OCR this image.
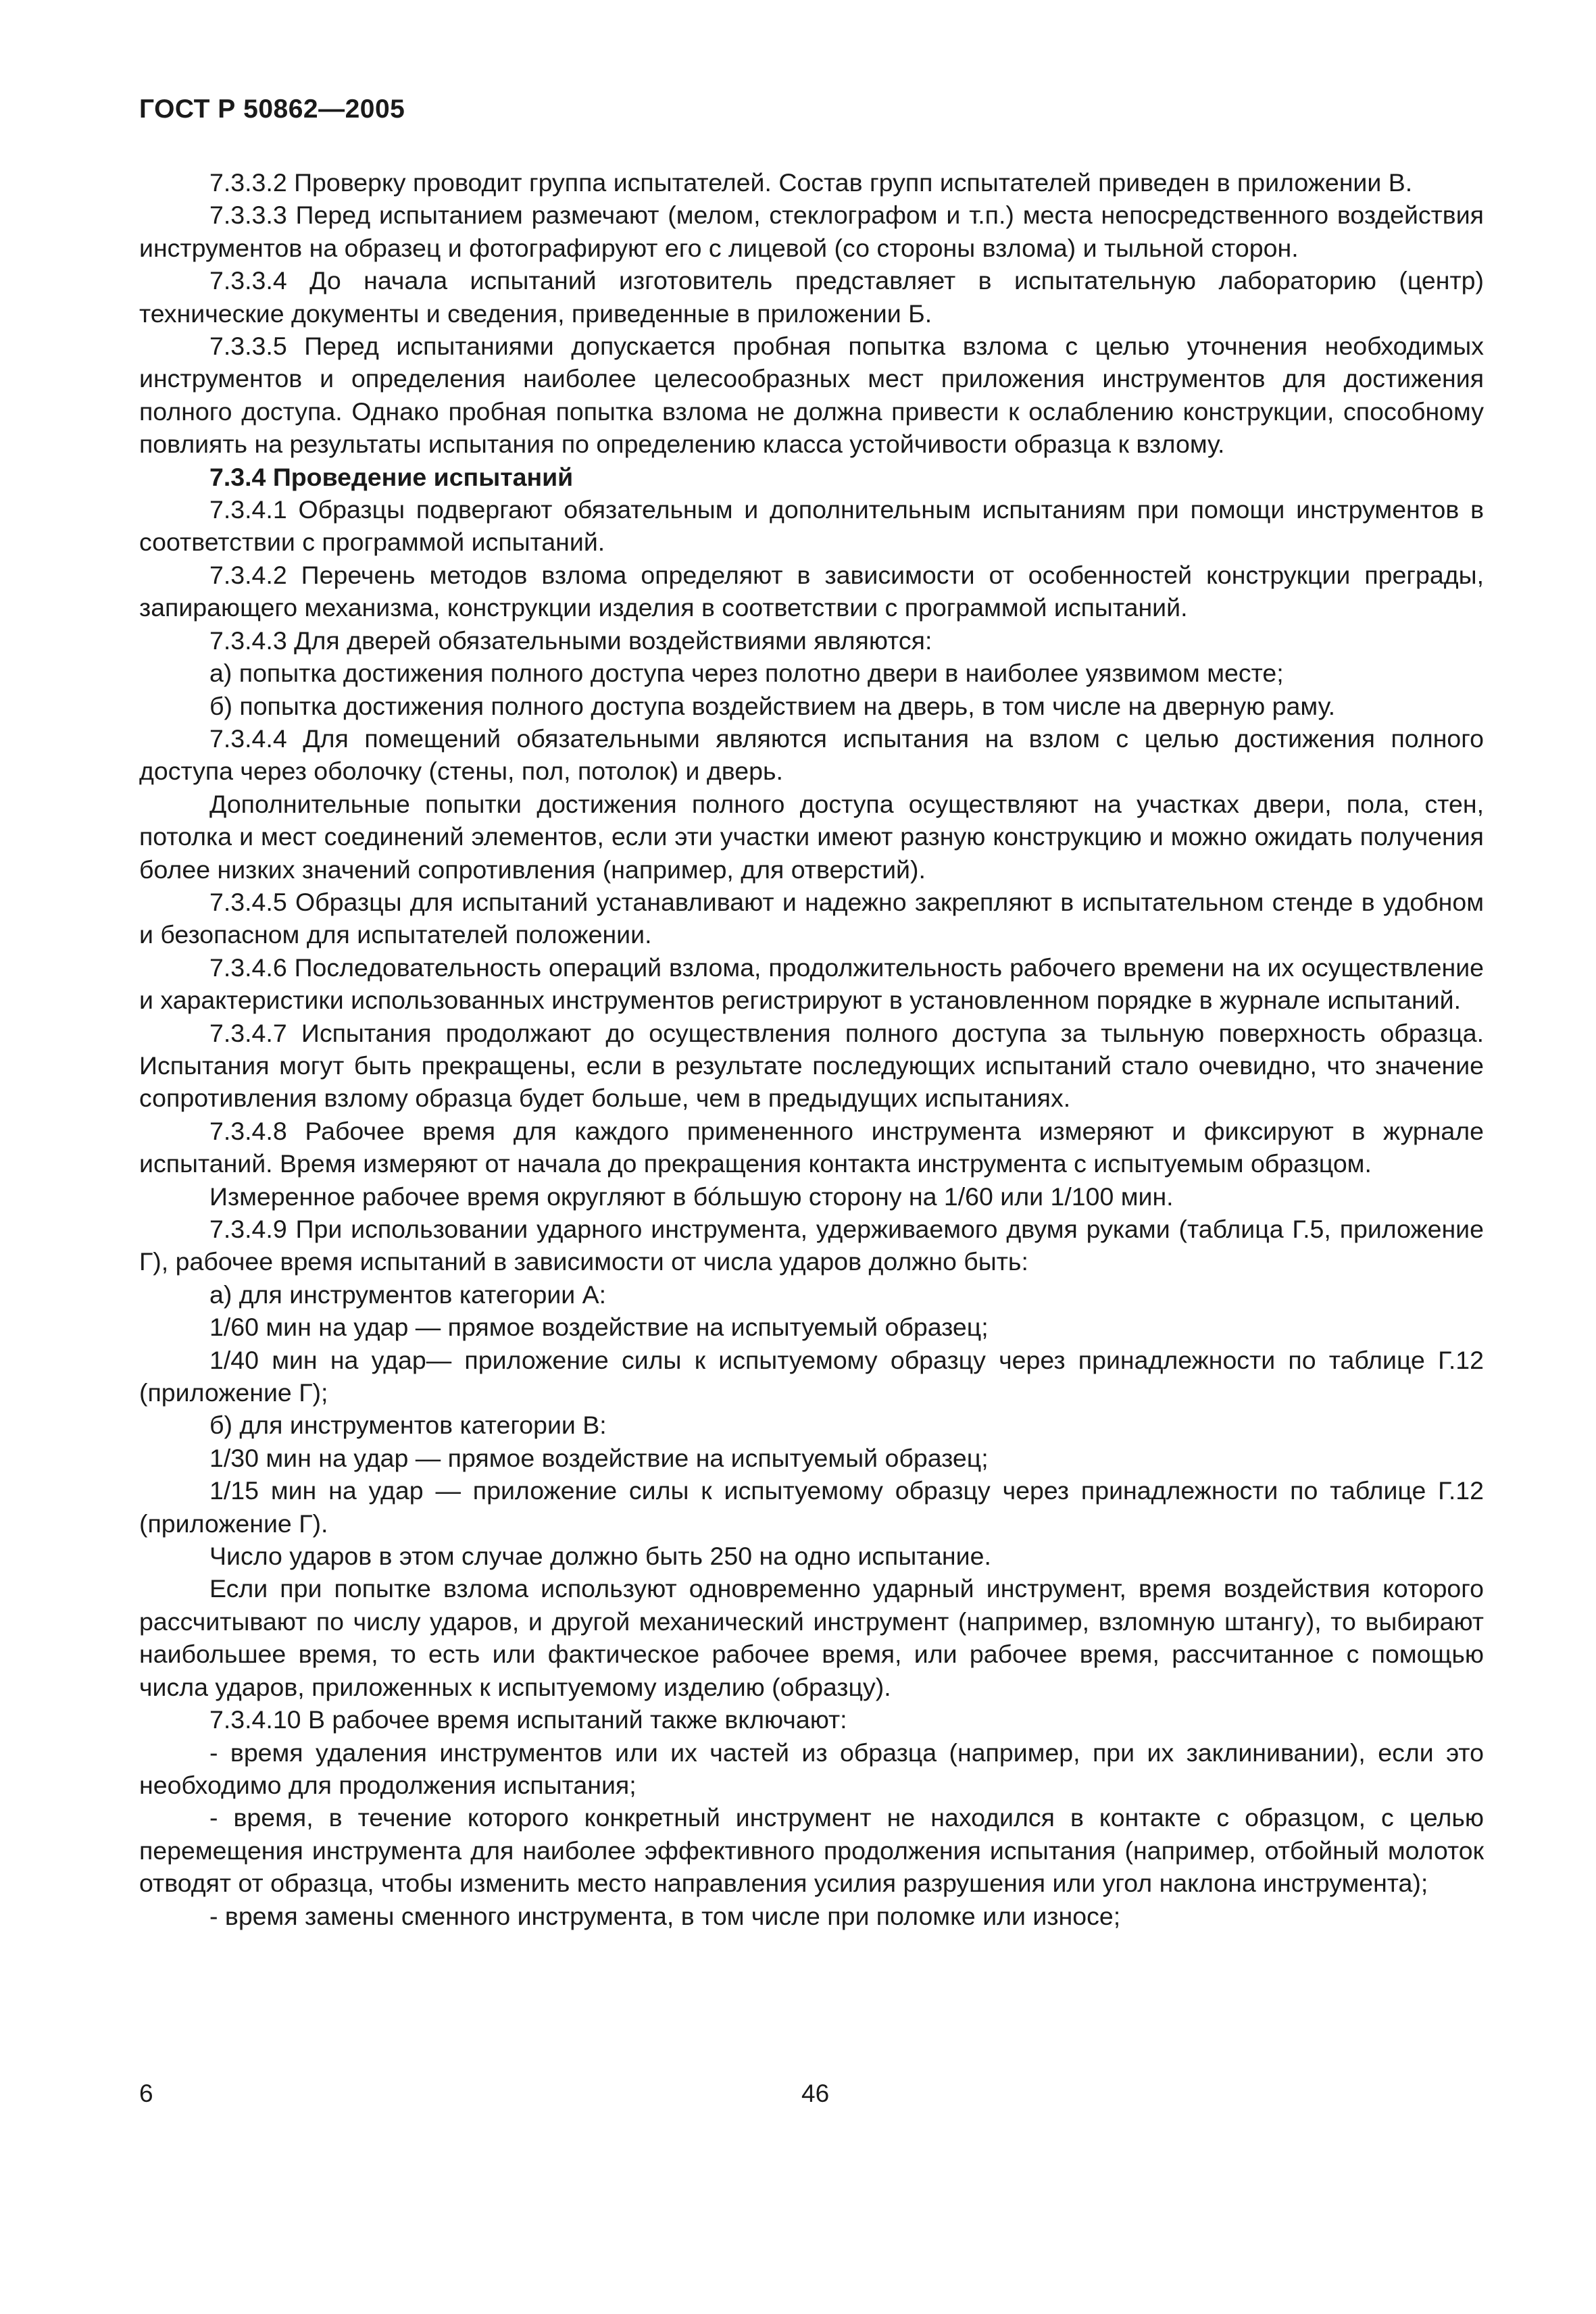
ГОСТ Р 50862—2005

7.3.3.2 Проверку проводит группа испытателей. Состав групп испытателей приведен в приложении В.

7.3.3.3 Перед испытанием размечают (мелом, стеклографом и т.п.) места непосредственного воздействия инструментов на образец и фотографируют его с лицевой (со стороны взлома) и тыльной сторон.

7.3.3.4 До начала испытаний изготовитель представляет в испытательную лабораторию (центр) технические документы и сведения, приведенные в приложении Б.

7.3.3.5 Перед испытаниями допускается пробная попытка взлома с целью уточнения необходимых инструментов и определения наиболее целесообразных мест приложения инструментов для достижения полного доступа. Однако пробная попытка взлома не должна привести к ослаблению конструкции, способному повлиять на результаты испытания по определению класса устойчивости образца к взлому.

7.3.4 Проведение испытаний

7.3.4.1 Образцы подвергают обязательным и дополнительным испытаниям при помощи инструментов в соответствии с программой испытаний.

7.3.4.2 Перечень методов взлома определяют в зависимости от особенностей конструкции преграды, запирающего механизма, конструкции изделия в соответствии с программой испытаний.

7.3.4.3 Для дверей обязательными воздействиями являются:

а) попытка достижения полного доступа через полотно двери в наиболее уязвимом месте;

б) попытка достижения полного доступа воздействием на дверь, в том числе на дверную раму.

7.3.4.4 Для помещений обязательными являются испытания на взлом с целью достижения полного доступа через оболочку (стены, пол, потолок) и дверь.

Дополнительные попытки достижения полного доступа осуществляют на участках двери, пола, стен, потолка и мест соединений элементов, если эти участки имеют разную конструкцию и можно ожидать получения более низких значений сопротивления (например, для отверстий).

7.3.4.5 Образцы для испытаний устанавливают и надежно закрепляют в испытательном стенде в удобном и безопасном для испытателей положении.

7.3.4.6 Последовательность операций взлома, продолжительность рабочего времени на их осуществление и характеристики использованных инструментов регистрируют в установленном порядке в журнале испытаний.

7.3.4.7 Испытания продолжают до осуществления полного доступа за тыльную поверхность образца. Испытания могут быть прекращены, если в результате последующих испытаний стало очевидно, что значение сопротивления взлому образца будет больше, чем в предыдущих испытаниях.

7.3.4.8 Рабочее время для каждого примененного инструмента измеряют и фиксируют в журнале испытаний. Время измеряют от начала до прекращения контакта инструмента с испытуемым образцом.

Измеренное рабочее время округляют в бóльшую сторону на 1/60 или 1/100 мин.

7.3.4.9 При использовании ударного инструмента, удерживаемого двумя руками (таблица Г.5, приложение Г), рабочее время испытаний в зависимости от числа ударов должно быть:

а) для инструментов категории А:

1/60 мин на удар — прямое воздействие на испытуемый образец;

1/40 мин на удар— приложение силы к испытуемому образцу через принадлежности по таблице Г.12 (приложение Г);

б) для инструментов категории В:

1/30 мин на удар — прямое воздействие на испытуемый образец;

1/15 мин на удар — приложение силы к испытуемому образцу через принадлежности по таблице Г.12 (приложение Г).

Число ударов в этом случае должно быть 250 на одно испытание.

Если при попытке взлома используют одновременно ударный инструмент, время воздействия которого рассчитывают по числу ударов, и другой механический инструмент (например, взломную штангу), то выбирают наибольшее время, то есть или фактическое рабочее время, или рабочее время, рассчитанное с помощью числа ударов, приложенных к испытуемому изделию (образцу).

7.3.4.10 В рабочее время испытаний также включают:

- время удаления инструментов или их частей из образца (например, при их заклинивании), если это необходимо для продолжения испытания;

- время, в течение которого конкретный инструмент не находился в контакте с образцом, с целью перемещения инструмента для наиболее эффективного продолжения испытания (например, отбойный молоток отводят от образца, чтобы изменить место направления усилия разрушения или угол наклона инструмента);

- время замены сменного инструмента, в том числе при поломке или износе;

6	46
